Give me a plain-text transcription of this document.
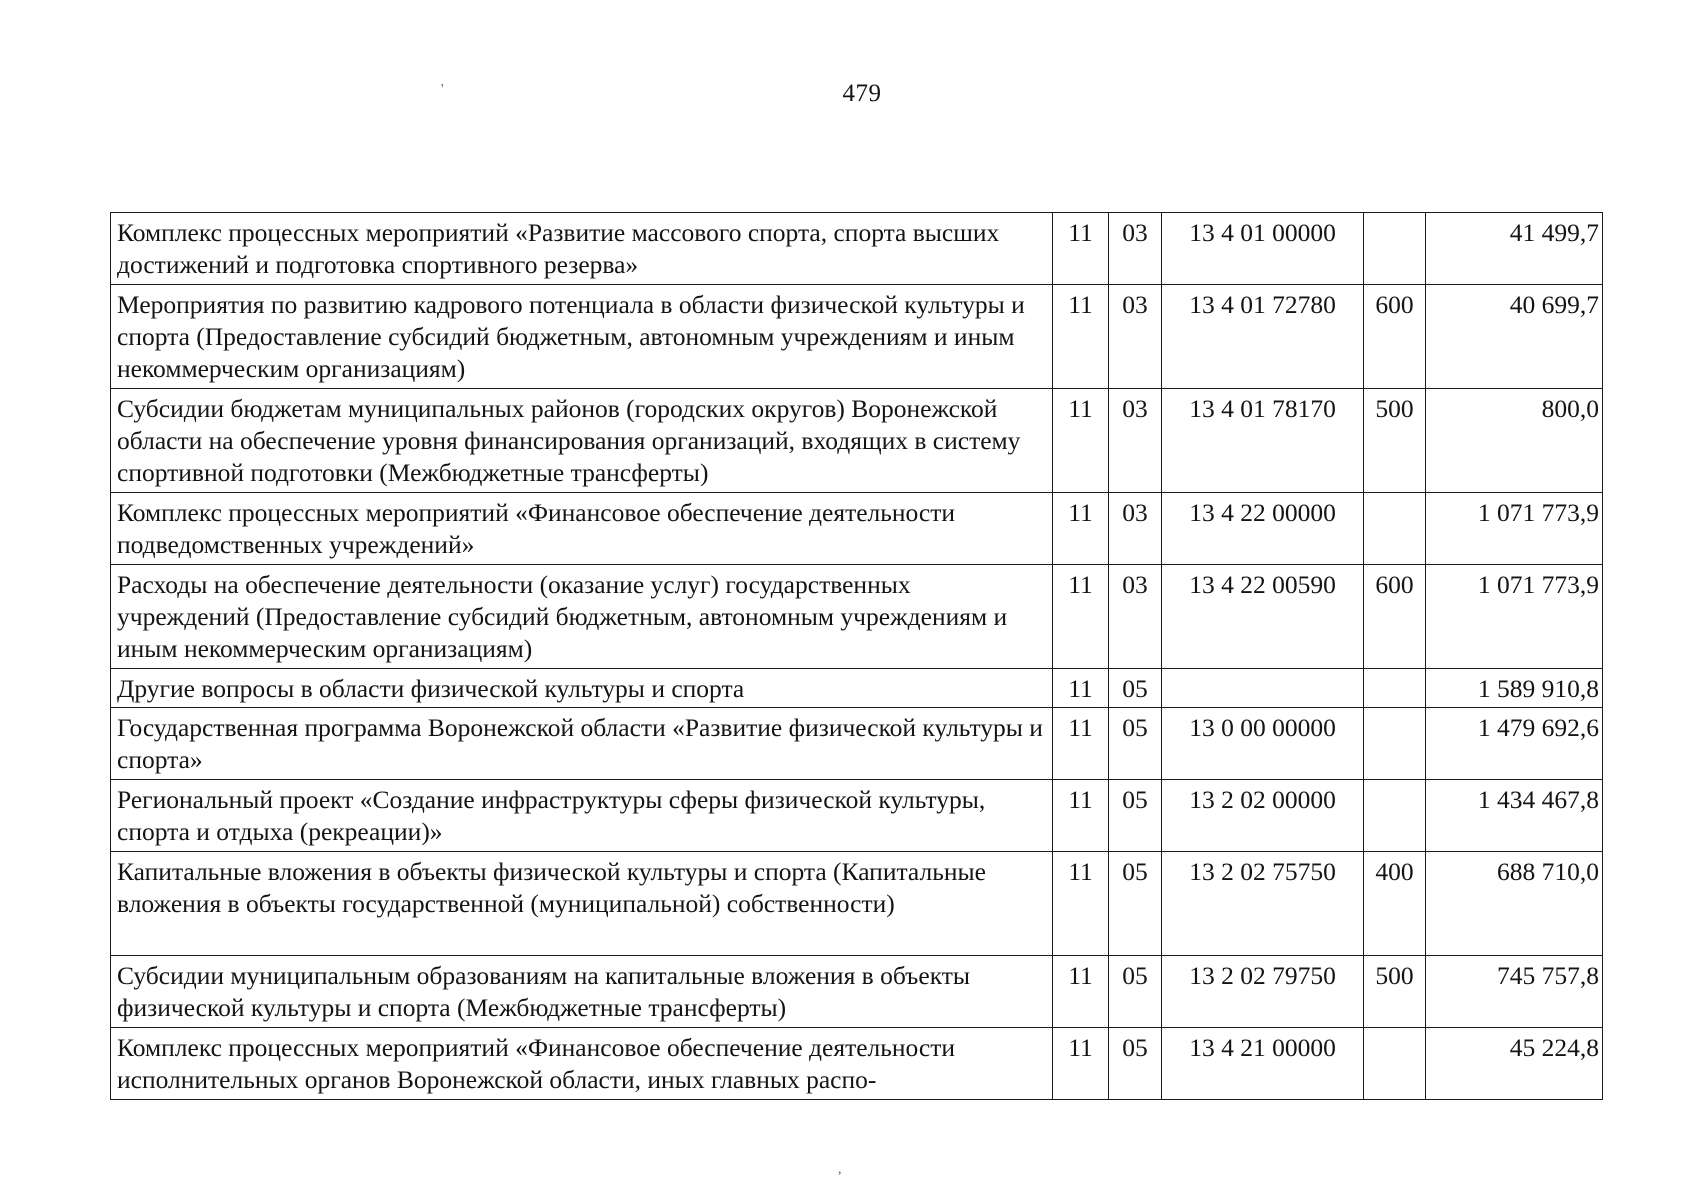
479
'
,
Комплекс процессных мероприятий «Развитие массового спорта, спорта высших достижений и подготовка спортивного резерва»	11	03	13 4 01 00000		41 499,7
Мероприятия по развитию кадрового потенциала в области физической культуры и спорта (Предоставление субсидий бюджетным, автономным учреждениям и иным некоммерческим организациям)	11	03	13 4 01 72780	600	40 699,7
Субсидии бюджетам муниципальных районов (городских округов) Воронежской области на обеспечение уровня финансирования организаций, входящих в систему спортивной подготовки (Межбюджетные трансферты)	11	03	13 4 01 78170	500	800,0
Комплекс процессных мероприятий «Финансовое обеспечение деятельности подведомственных учреждений»	11	03	13 4 22 00000		1 071 773,9
Расходы на обеспечение деятельности (оказание услуг) государственных учреждений (Предоставление субсидий бюджетным, автономным учреждениям и иным некоммерческим организациям)	11	03	13 4 22 00590	600	1 071 773,9
Другие вопросы в области физической культуры и спорта	11	05			1 589 910,8
Государственная программа Воронежской области «Развитие физической культуры и спорта»	11	05	13 0 00 00000		1 479 692,6
Региональный проект «Создание инфраструктуры сферы физической культуры, спорта и отдыха (рекреации)»	11	05	13 2 02 00000		1 434 467,8
Капитальные вложения в объекты физической культуры и спорта (Капитальные вложения в объекты государственной (муниципальной) собственности)	11	05	13 2 02 75750	400	688 710,0
Субсидии муниципальным образованиям на капитальные вложения в объекты физической культуры и спорта (Межбюджетные трансферты)	11	05	13 2 02 79750	500	745 757,8
Комплекс процессных мероприятий «Финансовое обеспечение деятельности исполнительных органов Воронежской области, иных главных распо-	11	05	13 4 21 00000		45 224,8
